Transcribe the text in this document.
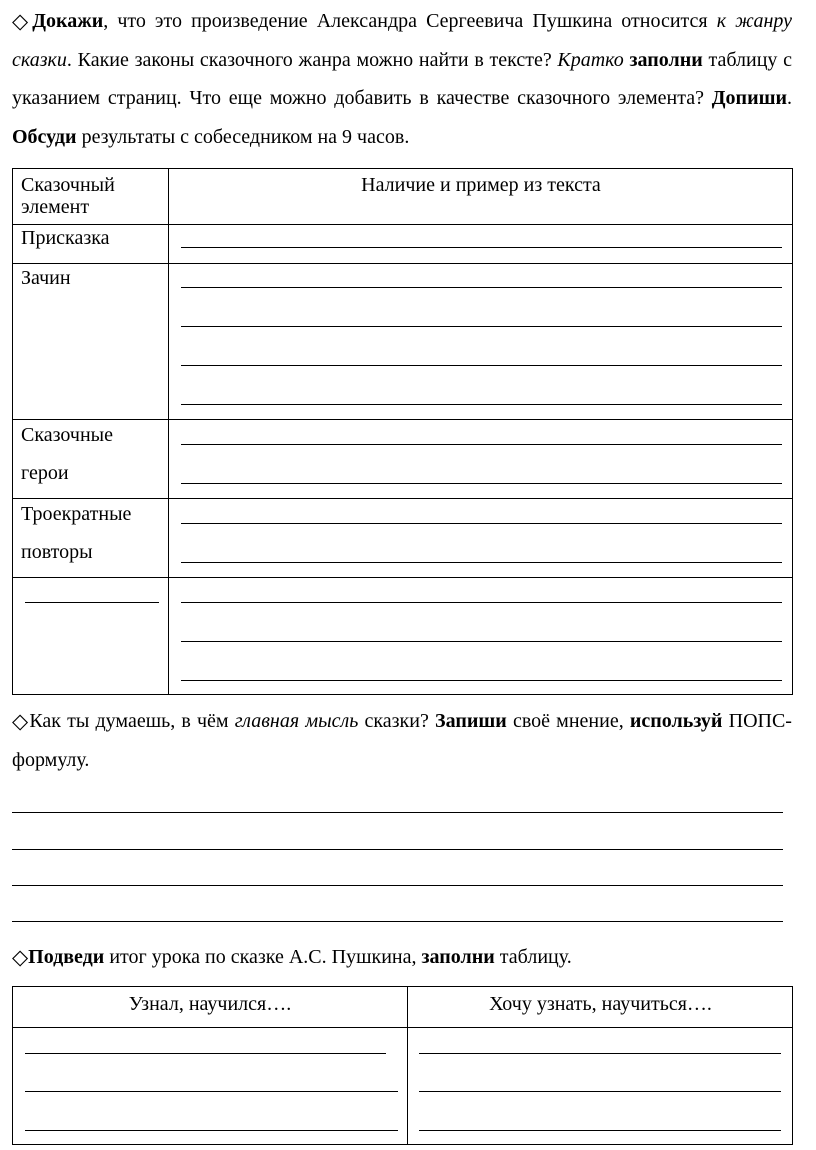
◇Докажи, что это произведение Александра Сергеевича Пушкина относится к жанру сказки. Какие законы сказочного жанра можно найти в тексте? Кратко заполни таблицу с указанием страниц. Что еще можно добавить в качестве сказочного элемента? Допиши. Обсуди результаты с собеседником на 9 часов.
Сказочный элемент
Наличие и пример из текста
Присказка
Зачин
Сказочные
герои
Троекратные
повторы
◇Как ты думаешь, в чём главная мысль сказки? Запиши своё мнение, используй ПОПС-формулу.
◇Подведи итог урока по сказке А.С. Пушкина, заполни таблицу.
Узнал, научился….	Хочу узнать, научиться….
